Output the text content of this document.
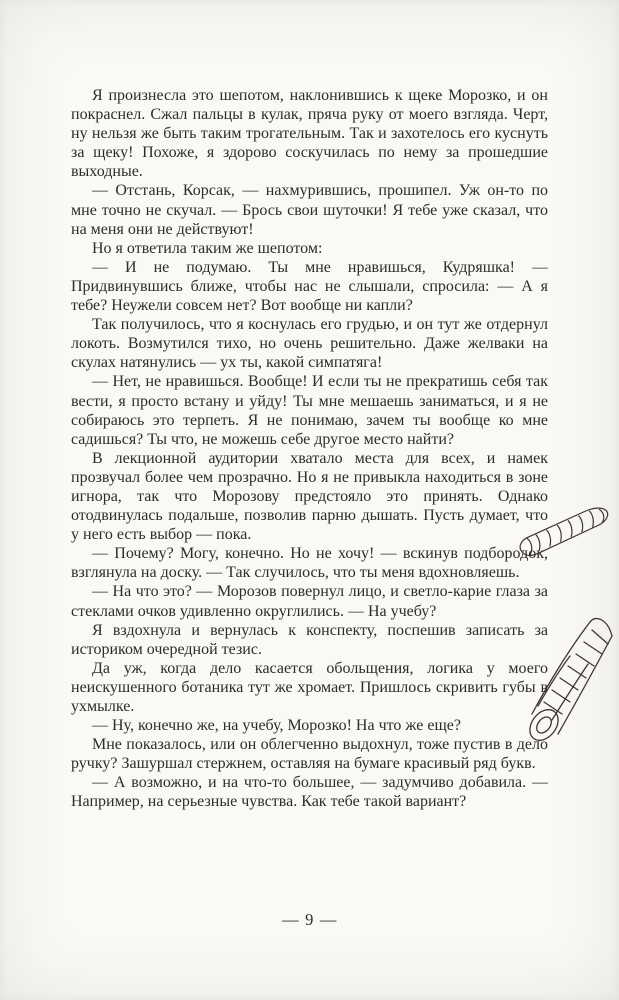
Я произнесла это шепотом, наклонившись к щеке Морозко, и он покраснел. Сжал пальцы в кулак, пряча руку от моего взгляда. Черт, ну нельзя же быть таким трогательным. Так и захотелось его куснуть за щеку! Похоже, я здорово соскучилась по нему за прошедшие выходные.

— Отстань, Корсак, — нахмурившись, прошипел. Уж он-то по мне точно не скучал. — Брось свои шуточки! Я тебе уже сказал, что на меня они не действуют!

Но я ответила таким же шепотом:

— И не подумаю. Ты мне нравишься, Кудряшка! — Придвинувшись ближе, чтобы нас не слышали, спросила: — А я тебе? Неужели совсем нет? Вот вообще ни капли?

Так получилось, что я коснулась его грудью, и он тут же отдернул локоть. Возмутился тихо, но очень решительно. Даже желваки на скулах натянулись — ух ты, какой симпатяга!

— Нет, не нравишься. Вообще! И если ты не прекратишь себя так вести, я просто встану и уйду! Ты мне мешаешь заниматься, и я не собираюсь это терпеть. Я не понимаю, зачем ты вообще ко мне садишься? Ты что, не можешь себе другое место найти?

В лекционной аудитории хватало места для всех, и намек прозвучал более чем прозрачно. Но я не привыкла находиться в зоне игнора, так что Морозову предстояло это принять. Однако отодвинулась подальше, позволив парню дышать. Пусть думает, что у него есть выбор — пока.

— Почему? Могу, конечно. Но не хочу! — вскинув подбородок, взглянула на доску. — Так случилось, что ты меня вдохновляешь.

— На что это? — Морозов повернул лицо, и светло-карие глаза за стеклами очков удивленно округлились. — На учебу?

Я вздохнула и вернулась к конспекту, поспешив записать за историком очередной тезис.

Да уж, когда дело касается обольщения, логика у моего неискушенного ботаника тут же хромает. Пришлось скривить губы в ухмылке.

— Ну, конечно же, на учебу, Морозко! На что же еще?

Мне показалось, или он облегченно выдохнул, тоже пустив в дело ручку? Зашуршал стержнем, оставляя на бумаге красивый ряд букв.

— А возможно, и на что-то большее, — задумчиво добавила. — Например, на серьезные чувства. Как тебе такой вариант?

— 9 —
